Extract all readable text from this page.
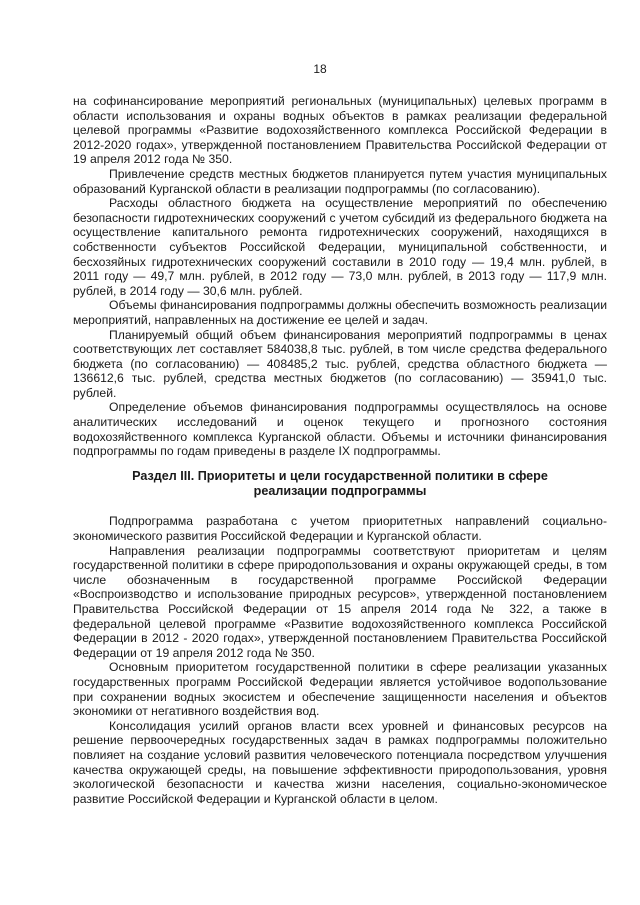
18

на софинансирование мероприятий региональных (муниципальных) целевых программ в области использования и охраны водных объектов в рамках реализации федеральной целевой программы «Развитие водохозяйственного комплекса Российской Федерации в 2012-2020 годах», утвержденной постановлением Правительства Российской Федерации от 19 апреля 2012 года № 350.

Привлечение средств местных бюджетов планируется путем участия муниципальных образований Курганской области в реализации подпрограммы (по согласованию).

Расходы областного бюджета на осуществление мероприятий по обеспечению безопасности гидротехнических сооружений с учетом субсидий из федерального бюджета на осуществление капитального ремонта гидротехнических сооружений, находящихся в собственности субъектов Российской Федерации, муниципальной собственности, и бесхозяйных гидротехнических сооружений составили в 2010 году — 19,4 млн. рублей, в 2011 году — 49,7 млн. рублей, в 2012 году — 73,0 млн. рублей, в 2013 году — 117,9 млн. рублей, в 2014 году — 30,6 млн. рублей.

Объемы финансирования подпрограммы должны обеспечить возможность реализации мероприятий, направленных на достижение ее целей и задач.

Планируемый общий объем финансирования мероприятий подпрограммы в ценах соответствующих лет составляет 584038,8 тыс. рублей, в том числе средства федерального бюджета (по согласованию) — 408485,2 тыс. рублей, средства областного бюджета — 136612,6 тыс. рублей, средства местных бюджетов (по согласованию) — 35941,0 тыс. рублей.

Определение объемов финансирования подпрограммы осуществлялось на основе аналитических исследований и оценок текущего и прогнозного состояния водохозяйственного комплекса Курганской области. Объемы и источники финансирования подпрограммы по годам приведены в разделе IX подпрограммы.

Раздел III. Приоритеты и цели государственной политики в сфере
реализации подпрограммы

Подпрограмма разработана с учетом приоритетных направлений социально-экономического развития Российской Федерации и Курганской области.

Направления реализации подпрограммы соответствуют приоритетам и целям государственной политики в сфере природопользования и охраны окружающей среды, в том числе обозначенным в государственной программе Российской Федерации «Воспроизводство и использование природных ресурсов», утвержденной постановлением Правительства Российской Федерации от 15 апреля 2014 года № 322, а также в федеральной целевой программе «Развитие водохозяйственного комплекса Российской Федерации в 2012 - 2020 годах», утвержденной постановлением Правительства Российской Федерации от 19 апреля 2012 года № 350.

Основным приоритетом государственной политики в сфере реализации указанных государственных программ Российской Федерации является устойчивое водопользование при сохранении водных экосистем и обеспечение защищенности населения и объектов экономики от негативного воздействия вод.

Консолидация усилий органов власти всех уровней и финансовых ресурсов на решение первоочередных государственных задач в рамках подпрограммы положительно повлияет на создание условий развития человеческого потенциала посредством улучшения качества окружающей среды, на повышение эффективности природопользования, уровня экологической безопасности и качества жизни населения, социально-экономическое развитие Российской Федерации и Курганской области в целом.
